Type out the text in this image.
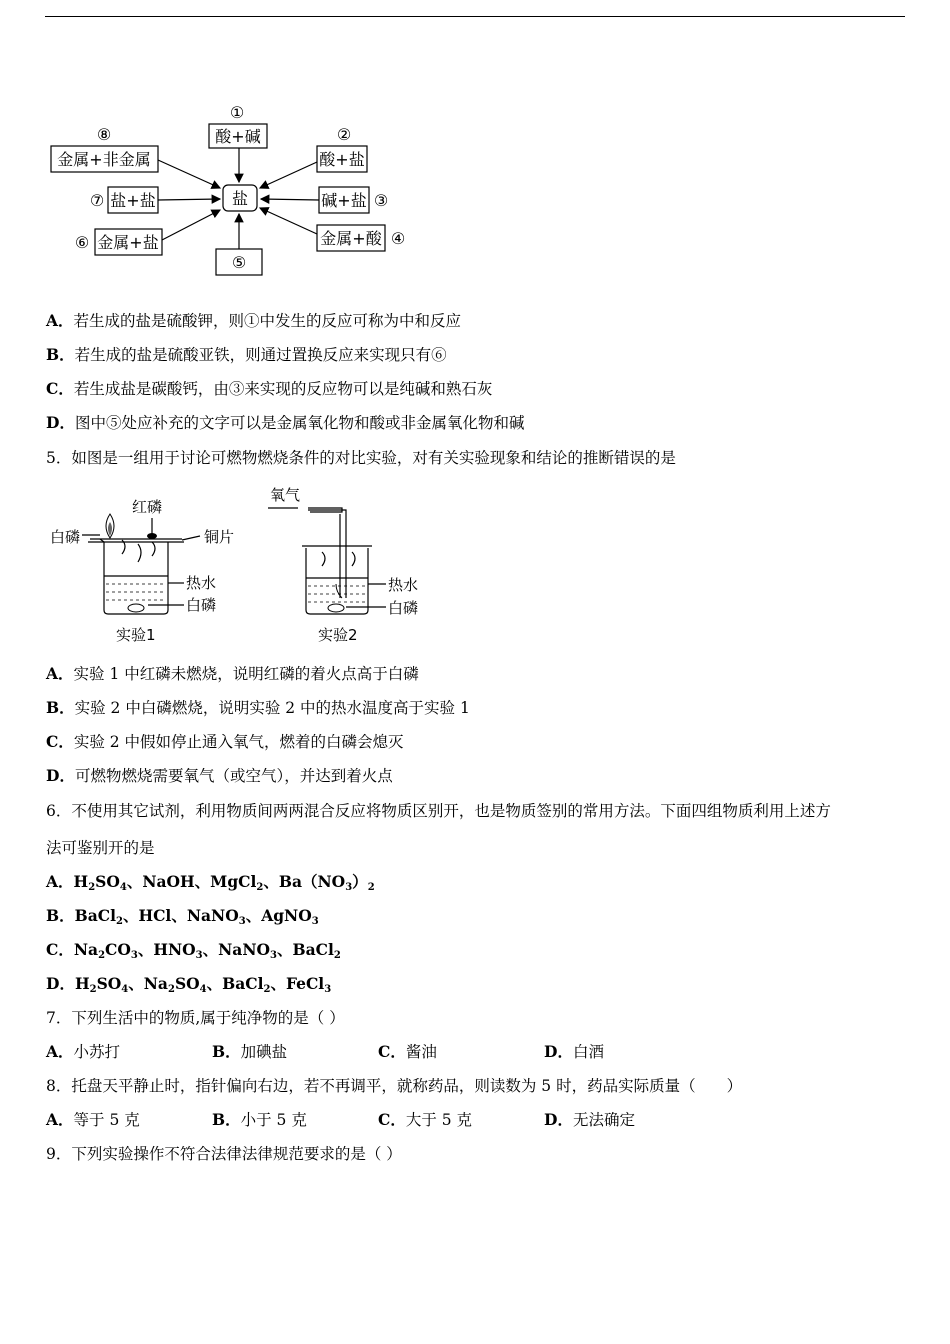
盐
酸+碱
酸+盐
碱+盐
金属+酸
⑤
金属+盐
盐+盐
金属+非金属
①
②
③
④
⑥
⑦
⑧
A．若生成的盐是硫酸钾，则①中发生的反应可称为中和反应
B．若生成的盐是硫酸亚铁，则通过置换反应来实现只有⑥
C．若生成盐是碳酸钙，由③来实现的反应物可以是纯碱和熟石灰
D．图中⑤处应补充的文字可以是金属氧化物和酸或非金属氧化物和碱
5．如图是一组用于讨论可燃物燃烧条件的对比实验，对有关实验现象和结论的推断错误的是
红磷
白磷	铜片
热水
白磷
实验1
氧气
热水
白磷
实验2
A．实验 1 中红磷未燃烧，说明红磷的着火点高于白磷
B．实验 2 中白磷燃烧，说明实验 2 中的热水温度高于实验 1
C．实验 2 中假如停止通入氧气，燃着的白磷会熄灭
D．可燃物燃烧需要氧气（或空气），并达到着火点
6．不使用其它试剂，利用物质间两两混合反应将物质区别开，也是物质签别的常用方法。下面四组物质利用上述方
法可鉴别开的是
A．$H_2SO_4$、NaOH、MgCl$_2$、$Ba(NO_3)_2$
B．BaCl$_2$、HCl、NaNO$_3$、AgNO$_3$
C．$Na_2CO_3$、$HNO_3$、NaNO$_3$、BaCl$_2$
D．$H_2SO_4$、$Na_2SO_4$、BaCl$_2$、FeCl$_3$
7．下列生活中的物质,属于纯净物的是（ ）
A．小苏打	B．加碘盐	C．酱油	D．白酒
8．托盘天平静止时，指针偏向右边，若不再调平，就称药品，则读数为 5 时，药品实际质量（　　）
A．等于 5 克	B．小于 5 克	C．大于 5 克	D．无法确定
9．下列实验操作不符合法律法律规范要求的是（ ）
